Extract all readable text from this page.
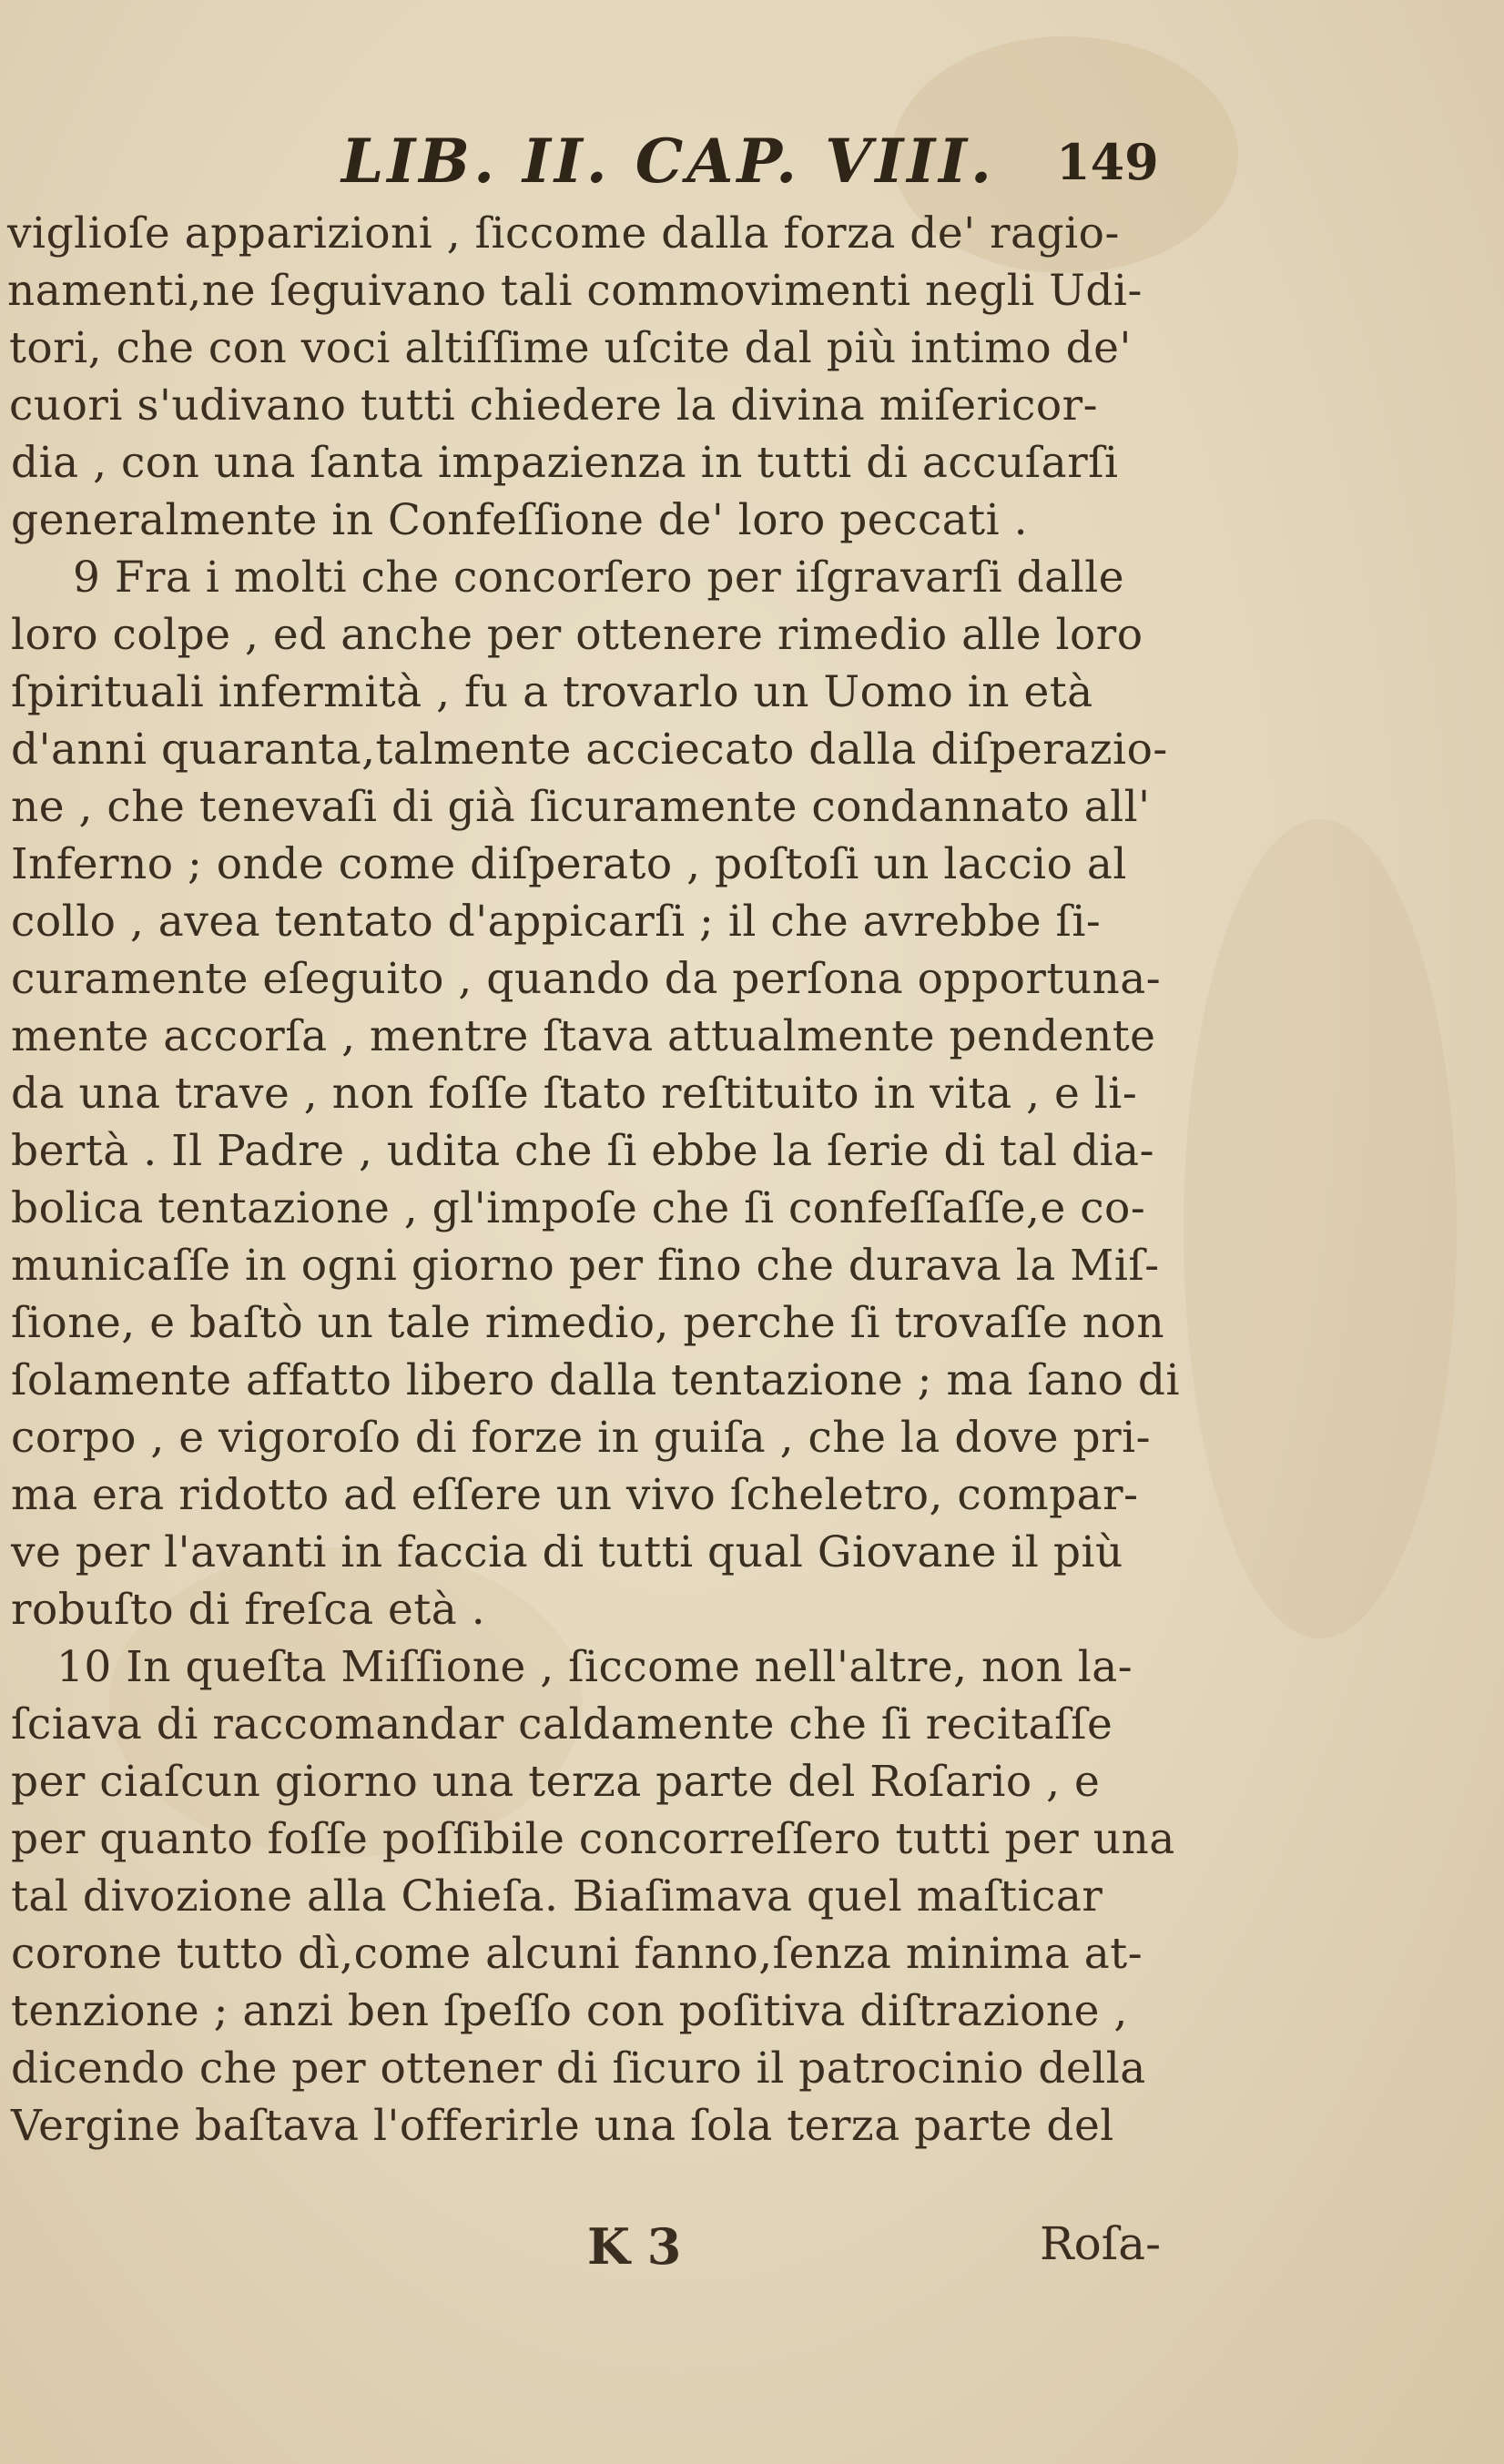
LIB. II. CAP. VIII. 149
viglioſe apparizioni , ſiccome dalla forza de' ragio-
namenti,ne ſeguivano tali commovimenti negli Udi-
tori, che con voci altiſſime uſcite dal più intimo de'
cuori s'udivano tutti chiedere la divina miſericor-
dia , con una ſanta impazienza in tutti di accuſarſi
generalmente in Confeſſione de' loro peccati .
9 Fra i molti che concorſero per iſgravarſi dalle
loro colpe , ed anche per ottenere rimedio alle loro
ſpirituali infermità , fu a trovarlo un Uomo in età
d'anni quaranta,talmente acciecato dalla diſperazio-
ne , che tenevaſi di già ſicuramente condannato all'
Inferno ; onde come diſperato , poſtoſi un laccio al
collo , avea tentato d'appicarſi ; il che avrebbe ſi-
curamente eſeguito , quando da perſona opportuna-
mente accorſa , mentre ſtava attualmente pendente
da una trave , non foſſe ſtato reſtituito in vita , e li-
bertà . Il Padre , udita che ſi ebbe la ſerie di tal dia-
bolica tentazione , gl'impoſe che ſi confeſſaſſe,e co-
municaſſe in ogni giorno per fino che durava la Miſ-
ſione, e baſtò un tale rimedio, perche ſi trovaſſe non
ſolamente affatto libero dalla tentazione ; ma ſano di
corpo , e vigoroſo di forze in guiſa , che la dove pri-
ma era ridotto ad eſſere un vivo ſcheletro, compar-
ve per l'avanti in faccia di tutti qual Giovane il più
robuſto di freſca età .
10 In queſta Miſſione , ſiccome nell'altre, non la-
ſciava di raccomandar caldamente che ſi recitaſſe
per ciaſcun giorno una terza parte del Roſario , e
per quanto foſſe poſſibile concorreſſero tutti per una
tal divozione alla Chieſa. Biaſimava quel maſticar
corone tutto dì,come alcuni fanno,ſenza minima at-
tenzione ; anzi ben ſpeſſo con poſitiva diſtrazione ,
dicendo che per ottener di ſicuro il patrocinio della
Vergine baſtava l'offerirle una ſola terza parte del
K 3	Roſa-
